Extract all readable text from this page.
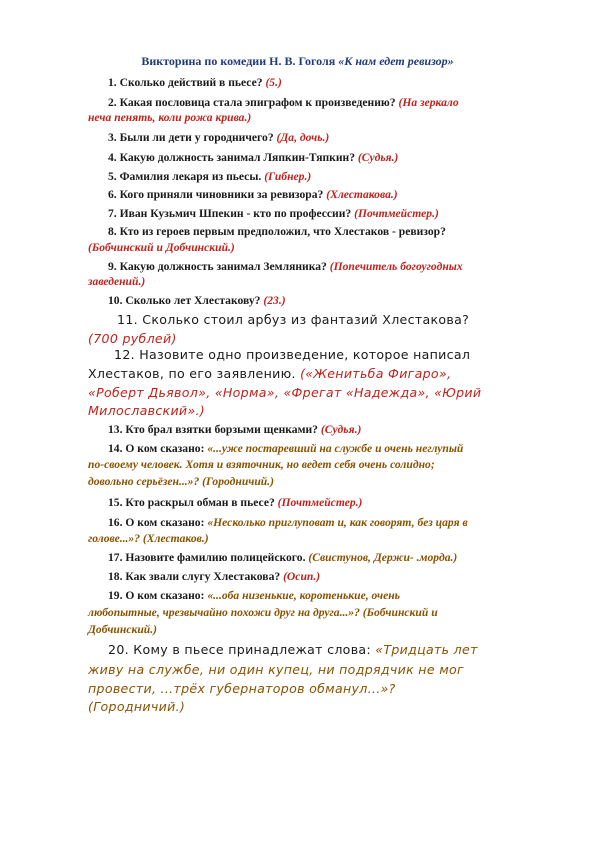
Викторина по комедии Н. В. Гоголя «К нам едет ревизор»
1. Сколько действий в пьесе? (5.)
2. Какая пословица стала эпиграфом к произведению? (На зеркало
неча пенять, коли рожа крива.)
3. Были ли дети у городничего? (Да, дочь.)
4. Какую должность занимал Ляпкин-Тяпкин? (Судья.)
5. Фамилия лекаря из пьесы. (Гибнер.)
6. Кого приняли чиновники за ревизора? (Хлестакова.)
7. Иван Кузьмич Шпекин - кто по профессии? (Почтмейстер.)
8. Кто из героев первым предположил, что Хлестаков - ревизор?
(Бобчинский и Добчинский.)
9. Какую должность занимал Земляника? (Попечитель богоугодных
заведений.)
10. Сколько лет Хлестакову? (23.)
11. Сколько стоил арбуз из фантазий Хлестакова?
(700 рублей)
12. Назовите одно произведение, которое написал
Хлестаков, по его заявлению. («Женитьба Фигаро»,
«Роберт Дьявол», «Норма», «Фрегат «Надежда», «Юрий
Милославский».)
13. Кто брал взятки борзыми щенками? (Судья.)
14. О ком сказано: «...уже постаревший на службе и очень неглупый
по-своему человек. Хотя и взяточник, но ведет себя очень солидно;
довольно серьёзен...»? (Городничий.)
15. Кто раскрыл обман в пьесе? (Почтмейстер.)
16. О ком сказано: «Несколько приглуповат и, как говорят, без царя в
голове...»? (Хлестаков.)
17. Назовите фамилию полицейского. (Свистунов, Держи- .морда.)
18. Как звали слугу Хлестакова? (Осип.)
19. О ком сказано: «...оба низенькие, коротенькие, очень
любопытные, чрезвычайно похожи друг на друга...»? (Бобчинский и
Добчинский.)
20. Кому в пьесе принадлежат слова: «Тридцать лет
живу на службе, ни один купец, ни подрядчик не мог
провести, ...трёх губернаторов обманул...»?
(Городничий.)
